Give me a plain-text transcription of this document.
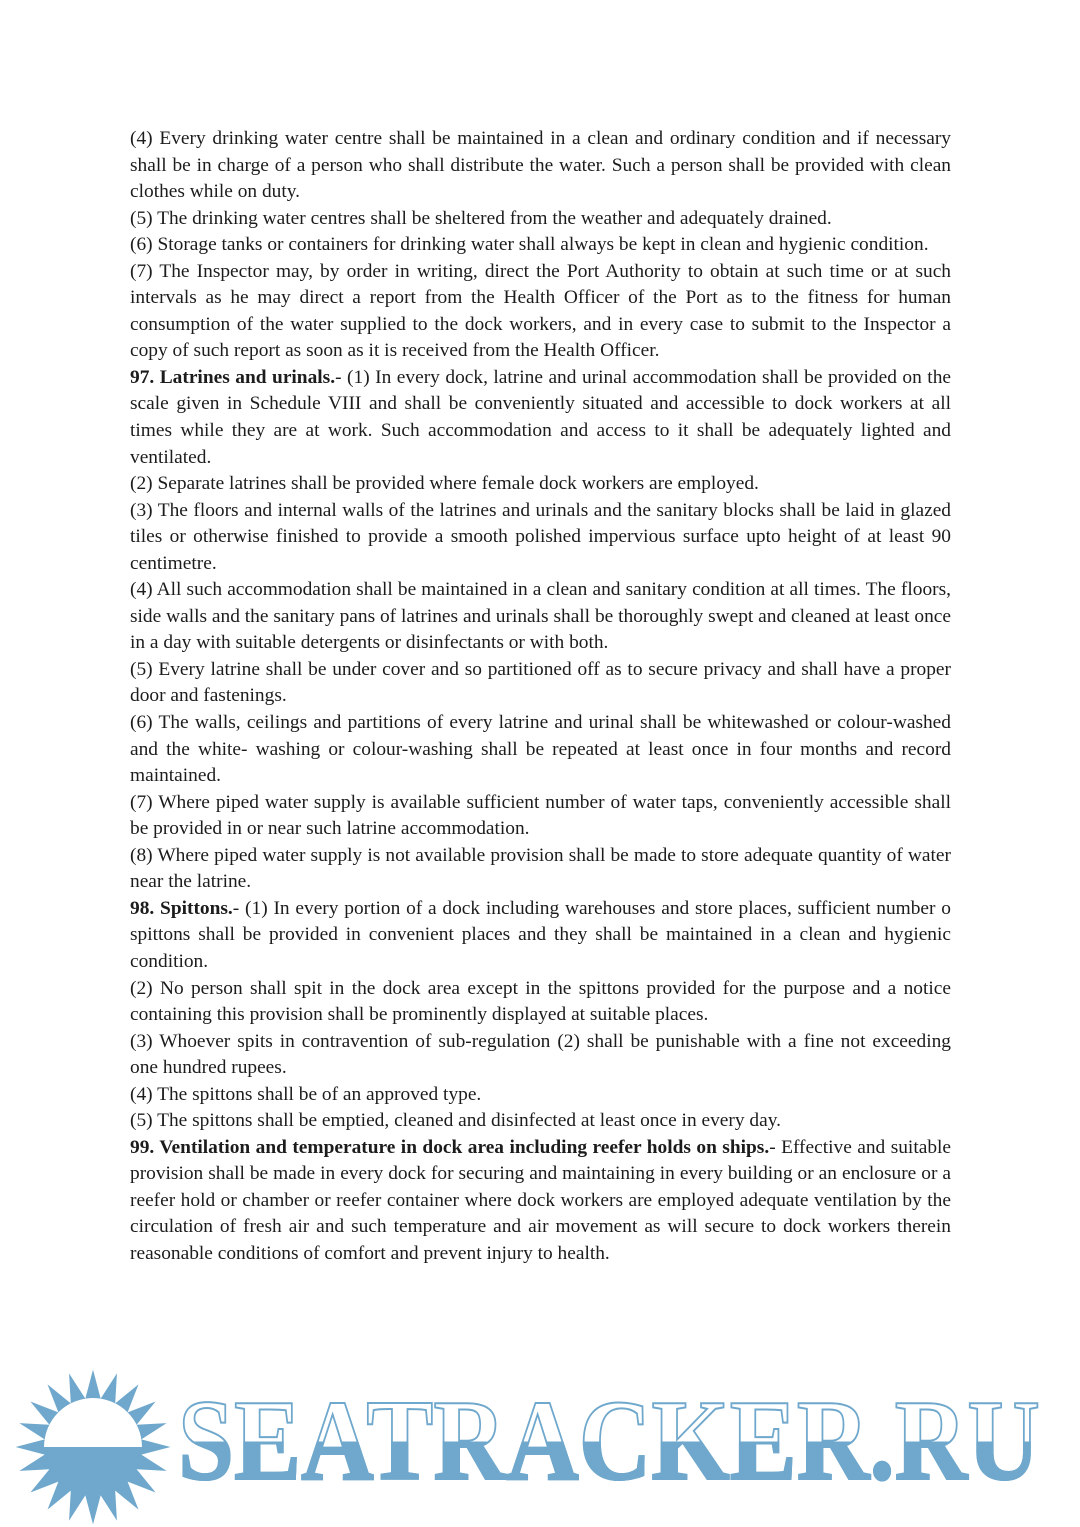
(4) Every drinking water centre shall be maintained in a clean and ordinary condition and if necessary shall be in charge of a person who shall distribute the water. Such a person shall be provided with clean clothes while on duty.

(5) The drinking water centres shall be sheltered from the weather and adequately drained.

(6) Storage tanks or containers for drinking water shall always be kept in clean and hygienic condition.

(7) The Inspector may, by order in writing, direct the Port Authority to obtain at such time or at such intervals as he may direct a report from the Health Officer of the Port as to the fitness for human consumption of the water supplied to the dock workers, and in every case to submit to the Inspector a copy of such report as soon as it is received from the Health Officer.

97. Latrines and urinals.- (1) In every dock, latrine and urinal accommodation shall be provided on the scale given in Schedule VIII and shall be conveniently situated and accessible to dock workers at all times while they are at work. Such accommodation and access to it shall be adequately lighted and ventilated.

(2) Separate latrines shall be provided where female dock workers are employed.

(3) The floors and internal walls of the latrines and urinals and the sanitary blocks shall be laid in glazed tiles or otherwise finished to provide a smooth polished impervious surface upto height of at least 90 centimetre.

(4) All such accommodation shall be maintained in a clean and sanitary condition at all times. The floors, side walls and the sanitary pans of latrines and urinals shall be thoroughly swept and cleaned at least once in a day with suitable detergents or disinfectants or with both.

(5) Every latrine shall be under cover and so partitioned off as to secure privacy and shall have a proper door and fastenings.

(6) The walls, ceilings and partitions of every latrine and urinal shall be whitewashed or colour-washed and the white- washing or colour-washing shall be repeated at least once in four months and record maintained.

(7) Where piped water supply is available sufficient number of water taps, conveniently accessible shall be provided in or near such latrine accommodation.

(8) Where piped water supply is not available provision shall be made to store adequate quantity of water near the latrine.

98. Spittons.- (1) In every portion of a dock including warehouses and store places, sufficient number o spittons shall be provided in convenient places and they shall be maintained in a clean and hygienic condition.

(2) No person shall spit in the dock area except in the spittons provided for the purpose and a notice containing this provision shall be prominently displayed at suitable places.

(3) Whoever spits in contravention of sub-regulation (2) shall be punishable with a fine not exceeding one hundred rupees.

(4) The spittons shall be of an approved type.

(5) The spittons shall be emptied, cleaned and disinfected at least once in every day.

99. Ventilation and temperature in dock area including reefer holds on ships.- Effective and suitable provision shall be made in every dock for securing and maintaining in every building or an enclosure or a reefer hold or chamber or reefer container where dock workers are employed adequate ventilation by the circulation of fresh air and such temperature and air movement as will secure to dock workers therein reasonable conditions of comfort and prevent injury to health.

SEATRACKER.RU
